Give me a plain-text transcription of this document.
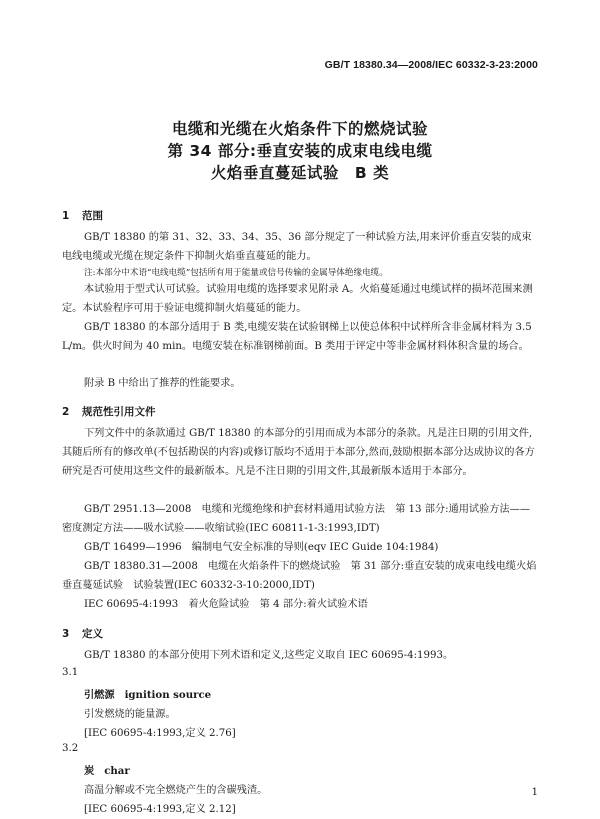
GB/T 18380.34—2008/IEC 60332-3-23:2000
电缆和光缆在火焰条件下的燃烧试验
第 34 部分:垂直安装的成束电线电缆
火焰垂直蔓延试验　B 类
1 范围
GB/T 18380 的第 31、32、33、34、35、36 部分规定了一种试验方法,用来评价垂直安装的成束电线电缆或光缆在规定条件下抑制火焰垂直蔓延的能力。
注:本部分中术语“电线电缆”包括所有用于能量或信号传输的金属导体绝缘电缆。
本试验用于型式认可试验。试验用电缆的选择要求见附录 A。火焰蔓延通过电缆试样的损坏范围来测定。本试验程序可用于验证电缆抑制火焰蔓延的能力。
GB/T 18380 的本部分适用于 B 类,电缆安装在试验钢梯上以使总体积中试样所含非金属材料为 3.5 L/m。供火时间为 40 min。电缆安装在标准钢梯前面。B 类用于评定中等非金属材料体积含量的场合。
附录 B 中给出了推荐的性能要求。
2 规范性引用文件
下列文件中的条款通过 GB/T 18380 的本部分的引用而成为本部分的条款。凡是注日期的引用文件,其随后所有的修改单(不包括勘误的内容)或修订版均不适用于本部分,然而,鼓励根据本部分达成协议的各方研究是否可使用这些文件的最新版本。凡是不注日期的引用文件,其最新版本适用于本部分。
GB/T 2951.13—2008　电缆和光缆绝缘和护套材料通用试验方法　第 13 部分:通用试验方法——密度测定方法——吸水试验——收缩试验(IEC 60811-1-3:1993,IDT)
GB/T 16499—1996　编制电气安全标准的导则(eqv IEC Guide 104:1984)
GB/T 18380.31—2008　电缆在火焰条件下的燃烧试验　第 31 部分:垂直安装的成束电线电缆火焰垂直蔓延试验　试验装置(IEC 60332-3-10:2000,IDT)
IEC 60695-4:1993　着火危险试验　第 4 部分:着火试验术语
3 定义
GB/T 18380 的本部分使用下列术语和定义,这些定义取自 IEC 60695-4:1993。
3.1
引燃源 ignition source
引发燃烧的能量源。
[IEC 60695-4:1993,定义 2.76]
3.2
炭 char
高温分解或不完全燃烧产生的含碳残渣。
[IEC 60695-4:1993,定义 2.12]
1
